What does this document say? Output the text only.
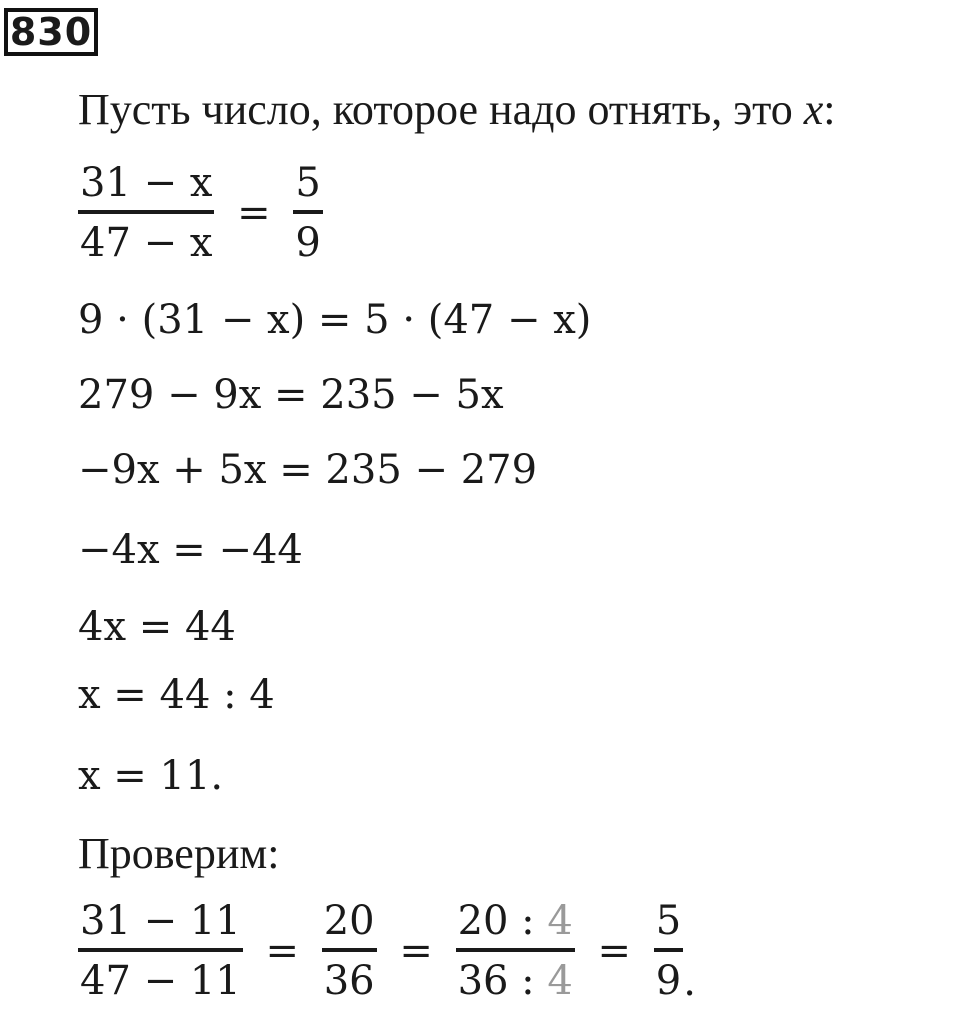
830
Пусть число, которое надо отнять, это x:
$\frac{31 - x}{47 - x} = \frac{5}{9}$
9 · (31 − x) = 5 · (47 − x)
279 − 9x = 235 − 5x
−9x + 5x = 235 − 279
−4x = −44
4x = 44
x = 44 : 4
x = 11.
Проверим:
$\frac{31 - 11}{47 - 11} = \frac{20}{36} = \frac{20 : 4}{36 : 4} = \frac{5}{9}$ .
